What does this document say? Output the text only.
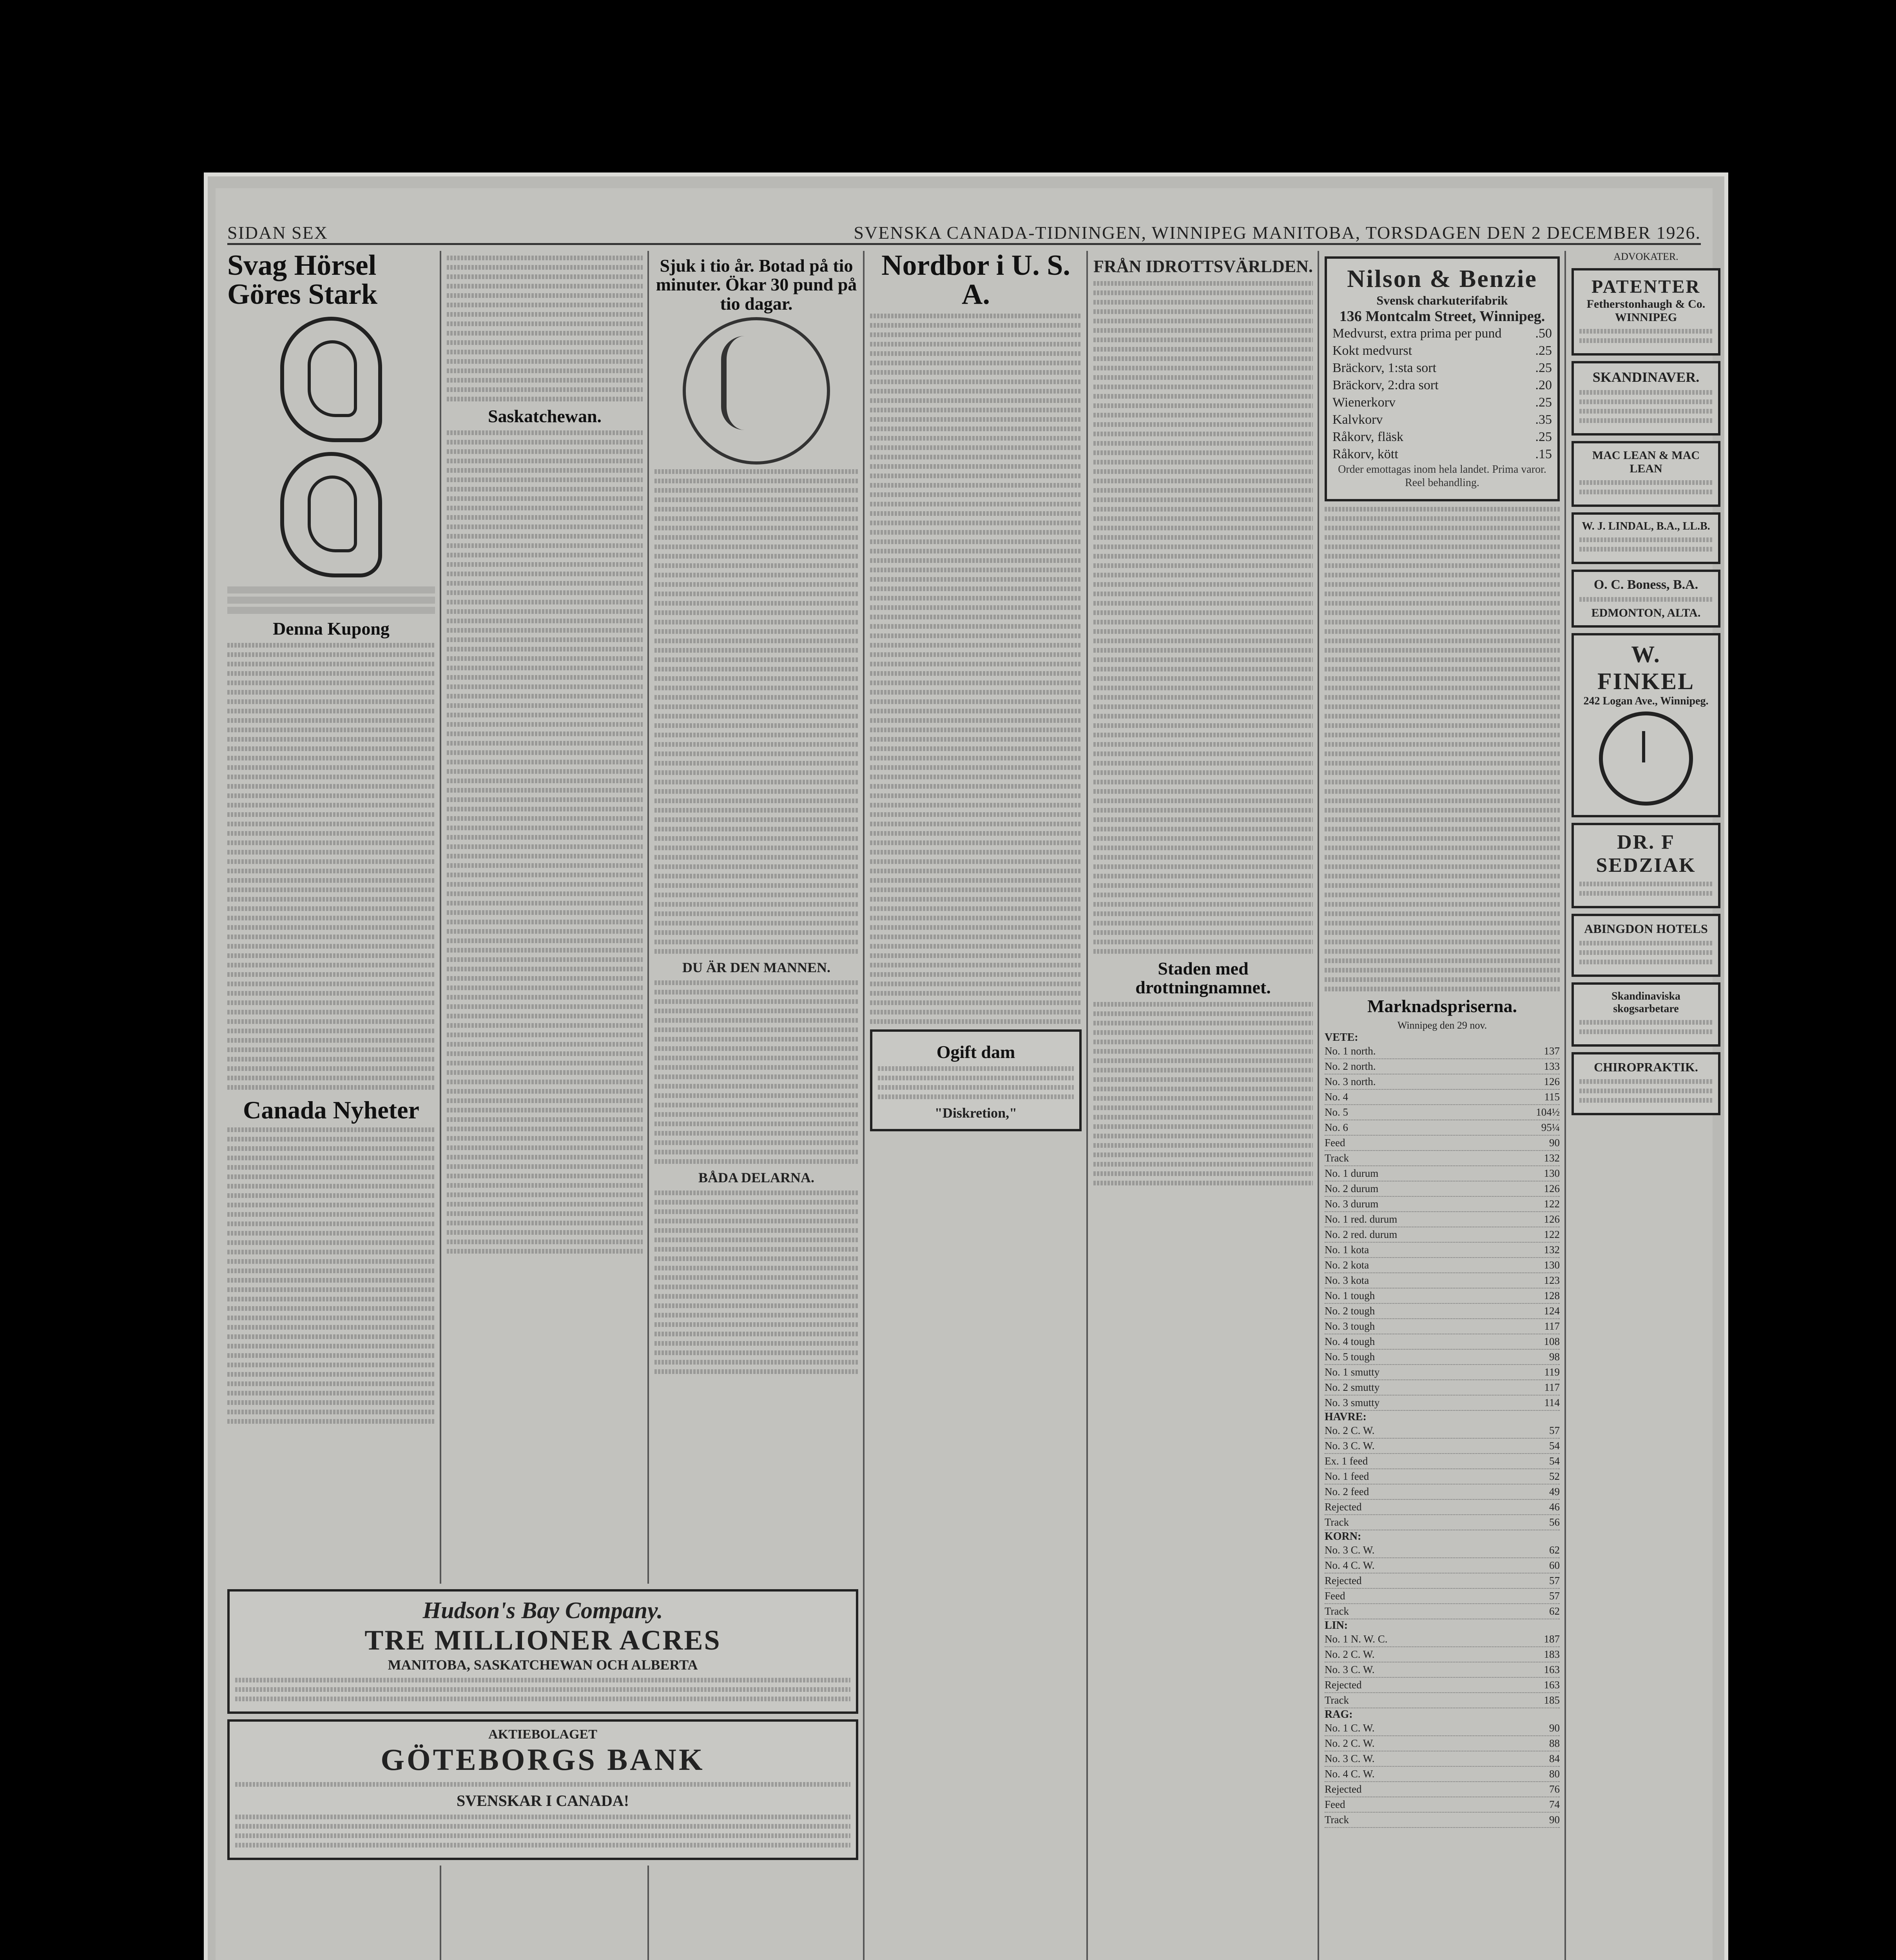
SIDAN SEX	SVENSKA CANADA-TIDNINGEN, WINNIPEG MANITOBA, TORSDAGEN DEN 2 DECEMBER 1926.
Svag Hörsel Göres Stark

Denna Kupong
Canada Nyheter
Saskatchewan.
Sjuk i tio år. Botad på tio minuter. Ökar 30 pund på tio dagar.
DU ÄR DEN MANNEN.
BÅDA DELARNA.
Nordbor i U. S. A.
Ogift dam
"Diskretion,"
FRÅN IDROTTSVÄRLDEN.
Staden med drottningnamnet.
Nilson & Benzie
Svensk charkuterifabrik
136 Montcalm Street, Winnipeg.
Medvurst, extra prima per pund	.50
Kokt medvurst	.25
Bräckorv, 1:sta sort	.25
Bräckorv, 2:dra sort	.20
Wienerkorv	.25
Kalvkorv	.35
Råkorv, fläsk	.25
Råkorv, kött	.15

Order emottagas inom hela landet. Prima varor. Reel behandling.

Marknadspriserna.
Winnipeg den 29 nov.
VETE:
No. 1 north.	137
No. 2 north.	133
No. 3 north.	126
No. 4	115
No. 5	104½
No. 6	95¼
Feed	90
Track	132
No. 1 durum	130
No. 2 durum	126
No. 3 durum	122
No. 1 red. durum	126
No. 2 red. durum	122
No. 1 kota	132
No. 2 kota	130
No. 3 kota	123
No. 1 tough	128
No. 2 tough	124
No. 3 tough	117
No. 4 tough	108
No. 5 tough	98
No. 1 smutty	119
No. 2 smutty	117
No. 3 smutty	114
HAVRE:
No. 2 C. W.	57
No. 3 C. W.	54
Ex. 1 feed	54
No. 1 feed	52
No. 2 feed	49
Rejected	46
Track	56
KORN:
No. 3 C. W.	62
No. 4 C. W.	60
Rejected	57
Feed	57
Track	62
LIN:
No. 1 N. W. C.	187
No. 2 C. W.	183
No. 3 C. W.	163
Rejected	163
Track	185
RAG:
No. 1 C. W.	90
No. 2 C. W.	88
No. 3 C. W.	84
No. 4 C. W.	80
Rejected	76
Feed	74
Track	90
ADVOKATER.
PATENTER
Fetherstonhaugh & Co.
WINNIPEG
SKANDINAVER.
MAC LEAN & MAC LEAN
W. J. LINDAL, B.A., LL.B.
O. C. Boness, B.A.
EDMONTON, ALTA.
W. FINKEL
242 Logan Ave., Winnipeg.
DR. F SEDZIAK
ABINGDON HOTELS
Skandinaviska skogsarbetare
CHIROPRAKTIK.
Hudson's Bay Company.
TRE MILLIONER ACRES
MANITOBA, SASKATCHEWAN OCH ALBERTA
AKTIEBOLAGET
GÖTEBORGS BANK
SVENSKAR I CANADA!
